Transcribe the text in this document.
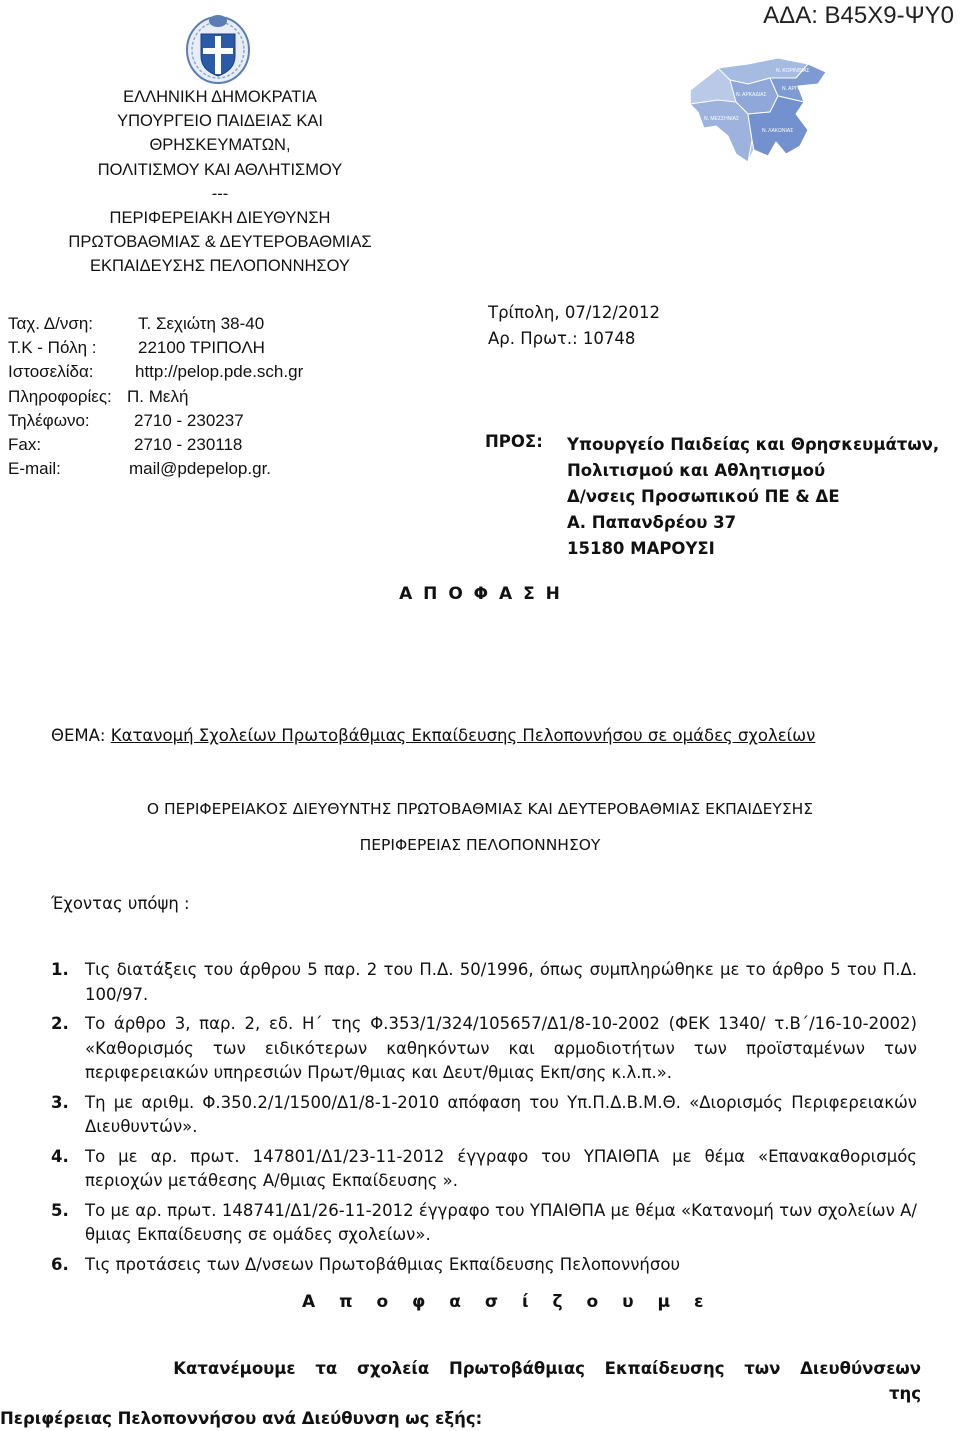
ΑΔΑ: Β45Χ9-ΨΥ0
ΕΛΛΗΝΙΚΗ ΔΗΜΟΚΡΑΤΙΑ
ΥΠΟΥΡΓΕΙΟ ΠΑΙΔΕΙΑΣ ΚΑΙ ΘΡΗΣΚΕΥΜΑΤΩΝ,
ΠΟΛΙΤΙΣΜΟΥ ΚΑΙ ΑΘΛΗΤΙΣΜΟΥ
---
ΠΕΡΙΦΕΡΕΙΑΚΗ ΔΙΕΥΘΥΝΣΗ
ΠΡΩΤΟΒΑΘΜΙΑΣ & ΔΕΥΤΕΡΟΒΑΘΜΙΑΣ
ΕΚΠΑΙΔΕΥΣΗΣ ΠΕΛΟΠΟΝΝΗΣΟΥ
Ν. ΚΟΡΙΝΘΙΑΣ
Ν. ΑΡΚΑΔΙΑΣ
Ν. ΑΡΓΟΛΙΔΑΣ
Ν. ΜΕΣΣΗΝΙΑΣ
Ν. ΛΑΚΩΝΙΑΣ
Ταχ. Δ/νση:	Τ. Σεχιώτη 38-40
Τ.Κ - Πόλη : 22100 ΤΡΙΠΟΛΗ
Ιστοσελίδα: http://pelop.pde.sch.gr
Πληροφορίες: Π. Μελή
Τηλέφωνο:	2710 - 230237
Fax:	2710 - 230118
E-mail:	mail@pdepelop.gr.
Τρίπολη, 07/12/2012
Αρ. Πρωτ.: 10748
ΠΡΟΣ: Υπουργείο Παιδείας και Θρησκευμάτων,
Πολιτισμού και Αθλητισμού
Δ/νσεις Προσωπικού ΠΕ & ΔΕ
Α. Παπανδρέου 37
15180 ΜΑΡΟΥΣΙ
Α Π Ο Φ Α Σ Η
ΘΕΜΑ: Κατανομή Σχολείων Πρωτοβάθμιας Εκπαίδευσης Πελοποννήσου σε ομάδες σχολείων
Ο ΠΕΡΙΦΕΡΕΙΑΚΟΣ ΔΙΕΥΘΥΝΤΗΣ ΠΡΩΤΟΒΑΘΜΙΑΣ ΚΑΙ ΔΕΥΤΕΡΟΒΑΘΜΙΑΣ ΕΚΠΑΙΔΕΥΣΗΣ
ΠΕΡΙΦΕΡΕΙΑΣ ΠΕΛΟΠΟΝΝΗΣΟΥ
Έχοντας υπόψη :
1. Τις διατάξεις του άρθρου 5 παρ. 2 του Π.Δ. 50/1996, όπως συμπληρώθηκε με το άρθρο 5 του Π.Δ. 100/97.
2. Το άρθρο 3, παρ. 2, εδ. Η΄ της Φ.353/1/324/105657/Δ1/8-10-2002 (ΦΕΚ 1340/ τ.Β΄/16-10-2002) «Καθορισμός των ειδικότερων καθηκόντων και αρμοδιοτήτων των προϊσταμένων των περιφερειακών υπηρεσιών Πρωτ/θμιας και Δευτ/θμιας Εκπ/σης κ.λ.π.».
3. Τη με αριθμ. Φ.350.2/1/1500/Δ1/8-1-2010 απόφαση του Υπ.Π.Δ.Β.Μ.Θ. «Διορισμός Περιφερειακών Διευθυντών».
4. Το με αρ. πρωτ. 147801/Δ1/23-11-2012 έγγραφο του ΥΠΑΙΘΠΑ με θέμα «Επανακαθορισμός περιοχών μετάθεσης Α/θμιας Εκπαίδευσης ».
5. Το με αρ. πρωτ. 148741/Δ1/26-11-2012 έγγραφο του ΥΠΑΙΘΠΑ με θέμα «Κατανομή των σχολείων Α/θμιας Εκπαίδευσης σε ομάδες σχολείων».
6. Τις προτάσεις των Δ/νσεων Πρωτοβάθμιας Εκπαίδευσης Πελοποννήσου
Α π ο φ α σ ί ζ ο υ μ ε
Κατανέμουμε τα σχολεία Πρωτοβάθμιας Εκπαίδευσης των Διευθύνσεων της
Περιφέρειας Πελοποννήσου ανά Διεύθυνση ως εξής:
